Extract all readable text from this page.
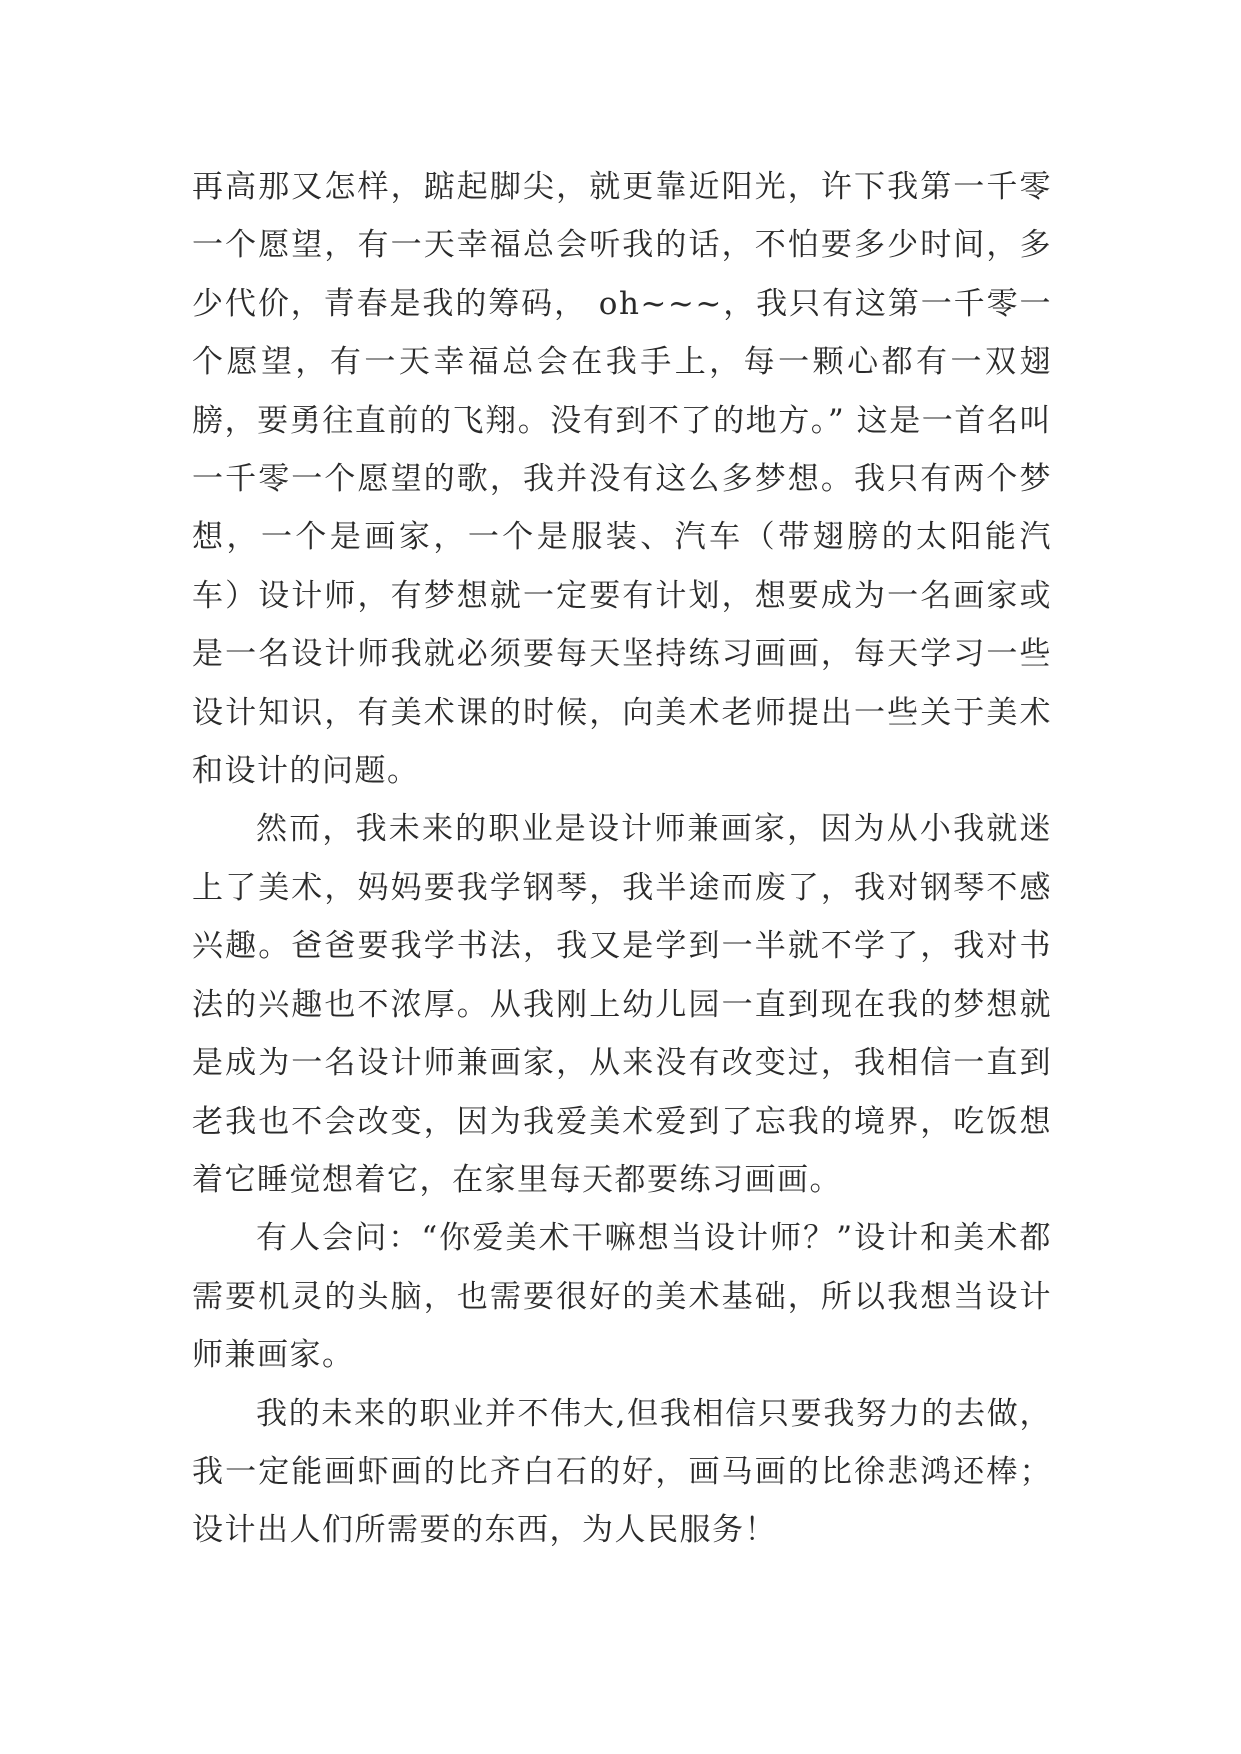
再高那又怎样，踮起脚尖，就更靠近阳光，许下我第一千零一个愿望，有一天幸福总会听我的话，不怕要多少时间，多少代价，青春是我的筹码， oh~~~，我只有这第一千零一个愿望，有一天幸福总会在我手上，每一颗心都有一双翅膀，要勇往直前的飞翔。没有到不了的地方。” 这是一首名叫一千零一个愿望的歌，我并没有这么多梦想。我只有两个梦想，一个是画家，一个是服装、汽车（带翅膀的太阳能汽车）设计师，有梦想就一定要有计划，想要成为一名画家或是一名设计师我就必须要每天坚持练习画画，每天学习一些设计知识，有美术课的时候，向美术老师提出一些关于美术和设计的问题。

然而，我未来的职业是设计师兼画家，因为从小我就迷上了美术，妈妈要我学钢琴，我半途而废了，我对钢琴不感兴趣。爸爸要我学书法，我又是学到一半就不学了，我对书法的兴趣也不浓厚。从我刚上幼儿园一直到现在我的梦想就是成为一名设计师兼画家，从来没有改变过，我相信一直到老我也不会改变，因为我爱美术爱到了忘我的境界，吃饭想着它睡觉想着它，在家里每天都要练习画画。

有人会问：“你爱美术干嘛想当设计师？”设计和美术都需要机灵的头脑，也需要很好的美术基础，所以我想当设计师兼画家。

我的未来的职业并不伟大,但我相信只要我努力的去做，我一定能画虾画的比齐白石的好，画马画的比徐悲鸿还棒；设计出人们所需要的东西，为人民服务！
